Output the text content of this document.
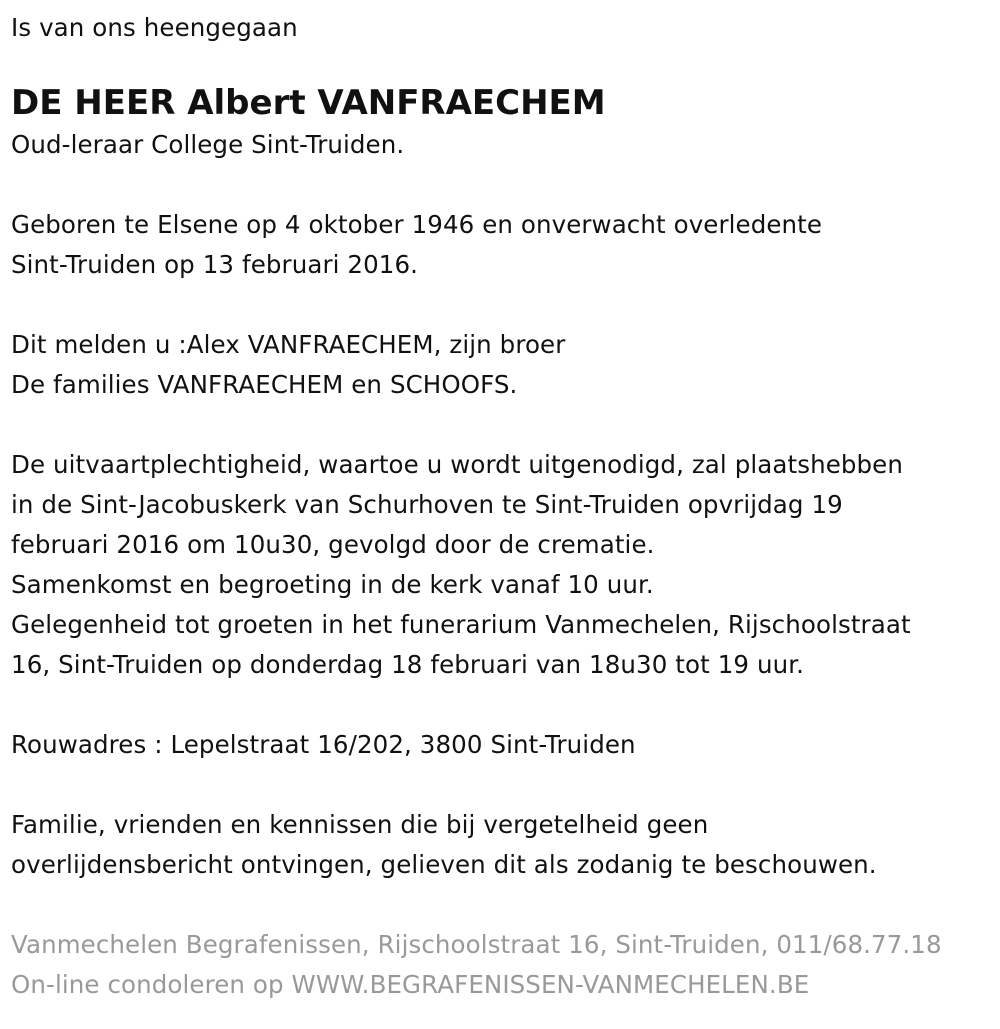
Is van ons heengegaan
DE HEER Albert VANFRAECHEM
Oud-leraar College Sint-Truiden.
Geboren te Elsene op 4 oktober 1946 en onverwacht overledente
Sint-Truiden op 13 februari 2016.
Dit melden u :Alex VANFRAECHEM, zijn broer
De families VANFRAECHEM en SCHOOFS.
De uitvaartplechtigheid, waartoe u wordt uitgenodigd, zal plaatshebben
in de Sint-Jacobuskerk van Schurhoven te Sint-Truiden opvrijdag 19
februari 2016 om 10u30, gevolgd door de crematie.
Samenkomst en begroeting in de kerk vanaf 10 uur.
Gelegenheid tot groeten in het funerarium Vanmechelen, Rijschoolstraat
16, Sint-Truiden op donderdag 18 februari van 18u30 tot 19 uur.
Rouwadres : Lepelstraat 16/202, 3800 Sint-Truiden
Familie, vrienden en kennissen die bij vergetelheid geen
overlijdensbericht ontvingen, gelieven dit als zodanig te beschouwen.
Vanmechelen Begrafenissen, Rijschoolstraat 16, Sint-Truiden, 011/68.77.18
On-line condoleren op WWW.BEGRAFENISSEN-VANMECHELEN.BE
